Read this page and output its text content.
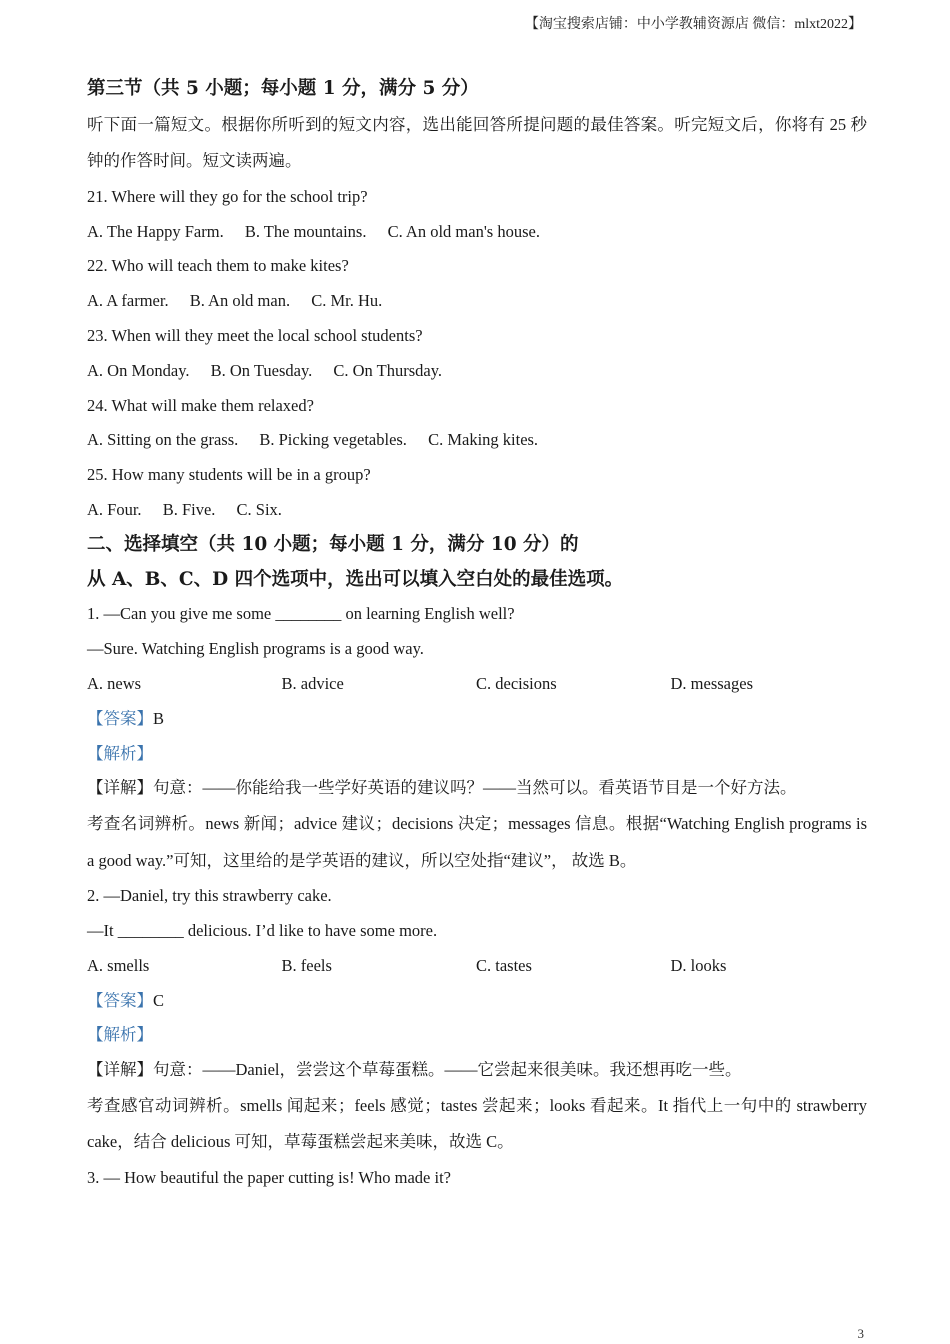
【淘宝搜索店铺：中小学教辅资源店 微信：mlxt2022】
第三节（共 5 小题；每小题 1 分，满分 5 分）
听下面一篇短文。根据你所听到的短文内容，选出能回答所提问题的最佳答案。听完短文后，你将有 25 秒钟的作答时间。短文读两遍。
21. Where will they go for the school trip?
A. The Happy Farm. B. The mountains. C. An old man's house.
22. Who will teach them to make kites?
A. A farmer. B. An old man. C. Mr. Hu.
23. When will they meet the local school students?
A. On Monday. B. On Tuesday. C. On Thursday.
24. What will make them relaxed?
A. Sitting on the grass. B. Picking vegetables. C. Making kites.
25. How many students will be in a group?
A. Four. B. Five. C. Six.
二、选择填空（共 10 小题；每小题 1 分，满分 10 分）的
从 A、B、C、D 四个选项中，选出可以填入空白处的最佳选项。
1. —Can you give me some ________ on learning English well?
—Sure. Watching English programs is a good way.
A. news	B. advice	C. decisions	D. messages
【答案】B
【解析】
【详解】句意：——你能给我一些学好英语的建议吗？——当然可以。看英语节目是一个好方法。
考查名词辨析。news 新闻；advice 建议；decisions 决定；messages 信息。根据“Watching English programs is a good way.”可知，这里给的是学英语的建议，所以空处指“建议”， 故选 B。
2. —Daniel, try this strawberry cake.
—It ________ delicious. I’d like to have some more.
A. smells	B. feels	C. tastes	D. looks
【答案】C
【解析】
【详解】句意：——Daniel，尝尝这个草莓蛋糕。——它尝起来很美味。我还想再吃一些。
考查感官动词辨析。smells 闻起来；feels 感觉；tastes 尝起来；looks 看起来。It 指代上一句中的 strawberry cake，结合 delicious 可知，草莓蛋糕尝起来美味，故选 C。
3. — How beautiful the paper cutting is! Who made it?
3
